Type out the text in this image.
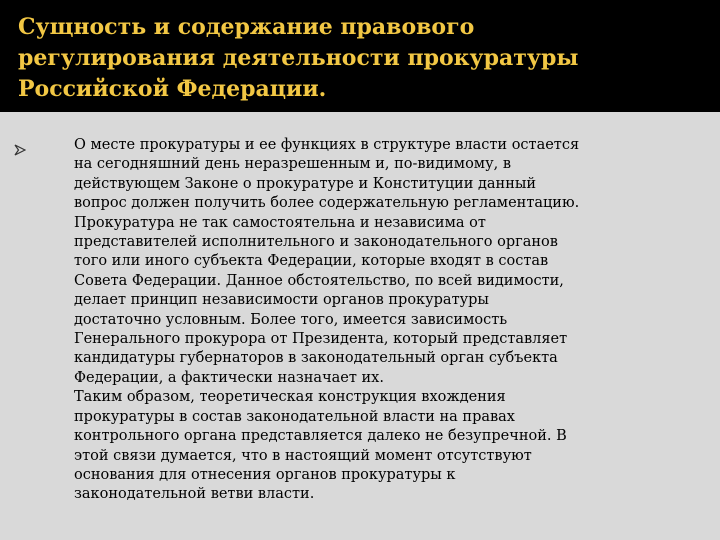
Сущность и содержание правового
регулирования деятельности прокуратуры
Российской Федерации.

О месте прокуратуры и ее функциях в структуре власти остается
на сегодняшний день неразрешенным и, по-видимому, в
действующем Законе о прокуратуре и Конституции данный
вопрос должен получить более содержательную регламентацию.
Прокуратура не так самостоятельна и независима от
представителей исполнительного и законодательного органов
того или иного субъекта Федерации, которые входят в состав
Совета Федерации. Данное обстоятельство, по всей видимости,
делает принцип независимости органов прокуратуры
достаточно условным. Более того, имеется зависимость
Генерального прокурора от Президента, который представляет
кандидатуры губернаторов в законодательный орган субъекта
Федерации, а фактически назначает их.
Таким образом, теоретическая конструкция вхождения
прокуратуры в состав законодательной власти на правах
контрольного органа представляется далеко не безупречной. В
этой связи думается, что в настоящий момент отсутствуют
основания для отнесения органов прокуратуры к
законодательной ветви власти.
